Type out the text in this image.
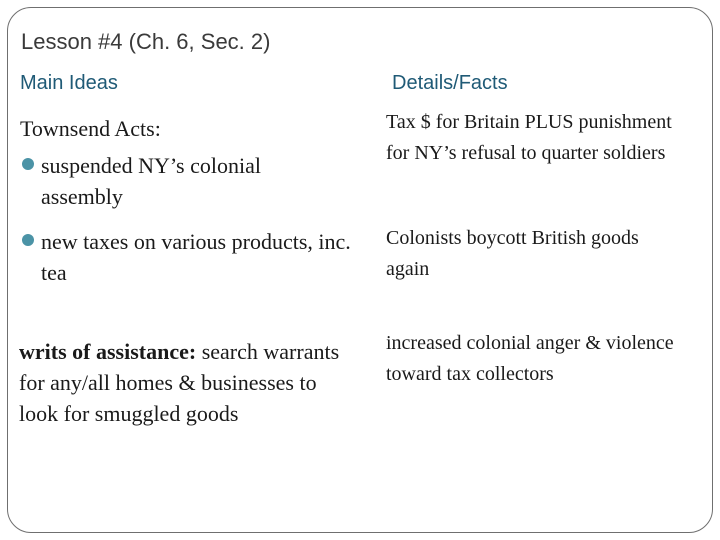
Lesson #4 (Ch. 6, Sec. 2)
Main Ideas	Details/Facts
Townsend Acts:
suspended NY’s colonial assembly
new taxes on various products, inc. tea
writs of assistance: search warrants for any/all homes & businesses to look for smuggled goods
Tax $ for Britain PLUS punishment for NY’s refusal to quarter soldiers
Colonists boycott British goods again
increased colonial anger & violence toward tax collectors
